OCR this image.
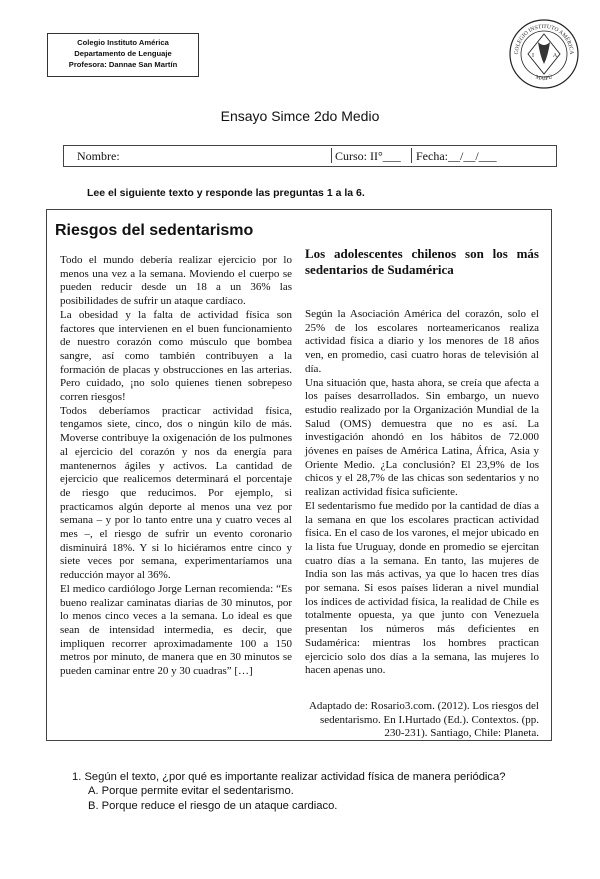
Colegio Instituto América
Departamento de Lenguaje
Profesora: Dannae San Martín
COLEGIO INSTITUTO AMÉRICA
MAIPÚ
I	A
Ensayo Simce 2do Medio
Nombre:	Curso: II°___ Fecha:__/__/___
Lee el siguiente texto y responde las preguntas 1 a la 6.
Riesgos del sedentarismo

Todo el mundo debería realizar ejercicio por lo menos una vez a la semana. Moviendo el cuerpo se pueden reducir desde un 18 a un 36% las posibilidades de sufrir un ataque cardíaco.

La obesidad y la falta de actividad física son factores que intervienen en el buen funcionamiento de nuestro corazón como músculo que bombea sangre, así como también contribuyen a la formación de placas y obstrucciones en las arterias. Pero cuidado, ¡no solo quienes tienen sobrepeso corren riesgos!

Todos deberíamos practicar actividad física, tengamos siete, cinco, dos o ningún kilo de más. Moverse contribuye la oxigenación de los pulmones al ejercicio del corazón y nos da energía para mantenernos ágiles y activos. La cantidad de ejercicio que realicemos determinará el porcentaje de riesgo que reducimos. Por ejemplo, si practicamos algún deporte al menos una vez por semana – y por lo tanto entre una y cuatro veces al mes –, el riesgo de sufrir un evento coronario disminuirá 18%. Y si lo hiciéramos entre cinco y siete veces por semana, experimentaríamos una reducción mayor al 36%.

El medico cardiólogo Jorge Lernan recomienda: “Es bueno realizar caminatas diarias de 30 minutos, por lo menos cinco veces a la semana. Lo ideal es que sean de intensidad intermedia, es decir, que impliquen recorrer aproximadamente 100 a 150 metros por minuto, de manera que en 30 minutos se pueden caminar entre 20 y 30 cuadras” […]

Los adolescentes chilenos son los más sedentarios de Sudamérica

Según la Asociación América del corazón, solo el 25% de los escolares norteamericanos realiza actividad física a diario y los menores de 18 años ven, en promedio, casi cuatro horas de televisión al día.

Una situación que, hasta ahora, se creía que afecta a los países desarrollados. Sin embargo, un nuevo estudio realizado por la Organización Mundial de la Salud (OMS) demuestra que no es así. La investigación ahondó en los hábitos de 72.000 jóvenes en países de América Latina, África, Asia y Oriente Medio. ¿La conclusión? El 23,9% de los chicos y el 28,7% de las chicas son sedentarios y no realizan actividad física suficiente.

El sedentarismo fue medido por la cantidad de días a la semana en que los escolares practican actividad física. En el caso de los varones, el mejor ubicado en la lista fue Uruguay, donde en promedio se ejercitan cuatro días a la semana. En tanto, las mujeres de India son las más activas, ya que lo hacen tres días por semana. Si esos países lideran a nivel mundial los índices de actividad física, la realidad de Chile es totalmente opuesta, ya que junto con Venezuela presentan los números más deficientes en Sudamérica: mientras los hombres practican ejercicio solo dos días a la semana, las mujeres lo hacen apenas uno.

Adaptado de: Rosario3.com. (2012). Los riesgos del sedentarismo. En I.Hurtado (Ed.). Contextos. (pp. 230-231). Santiago, Chile: Planeta.

1. Según el texto, ¿por qué es importante realizar actividad física de manera periódica?
A. Porque permite evitar el sedentarismo.
B. Porque reduce el riesgo de un ataque cardiaco.
